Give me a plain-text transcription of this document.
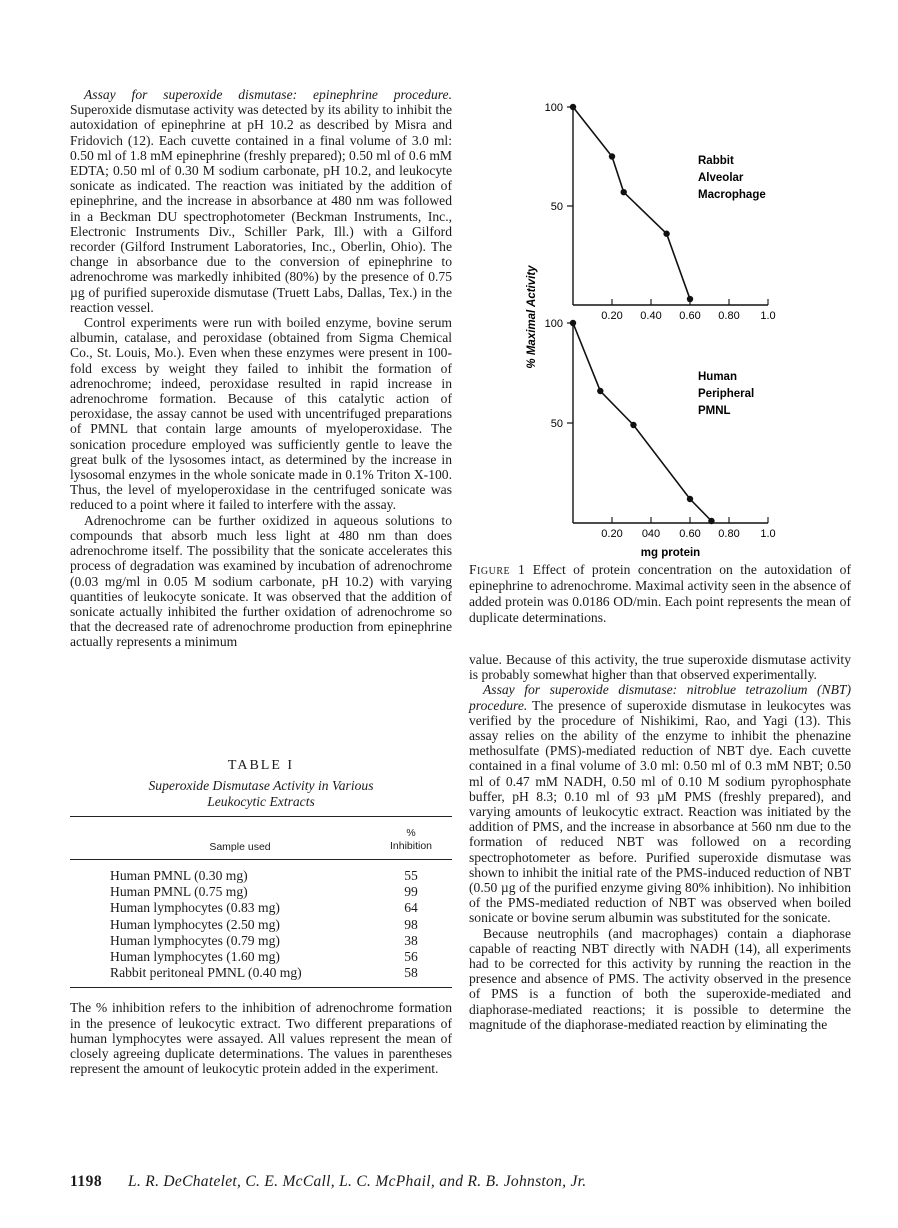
Assay for superoxide dismutase: epinephrine procedure. Superoxide dismutase activity was detected by its ability to inhibit the autoxidation of epinephrine at pH 10.2 as described by Misra and Fridovich (12). Each cuvette contained in a final volume of 3.0 ml: 0.50 ml of 1.8 mM epinephrine (freshly prepared); 0.50 ml of 0.6 mM EDTA; 0.50 ml of 0.30 M sodium carbonate, pH 10.2, and leukocyte sonicate as indicated. The reaction was initiated by the addition of epinephrine, and the increase in absorbance at 480 nm was followed in a Beckman DU spectrophotometer (Beckman Instruments, Inc., Electronic Instruments Div., Schiller Park, Ill.) with a Gilford recorder (Gilford Instrument Laboratories, Inc., Oberlin, Ohio). The change in absorbance due to the conversion of epinephrine to adrenochrome was markedly inhibited (80%) by the presence of 0.75 µg of purified superoxide dismutase (Truett Labs, Dallas, Tex.) in the reaction vessel.

Control experiments were run with boiled enzyme, bovine serum albumin, catalase, and peroxidase (obtained from Sigma Chemical Co., St. Louis, Mo.). Even when these enzymes were present in 100-fold excess by weight they failed to inhibit the formation of adrenochrome; indeed, peroxidase resulted in rapid increase in adrenochrome formation. Because of this catalytic action of peroxidase, the assay cannot be used with uncentrifuged preparations of PMNL that contain large amounts of myeloperoxidase. The sonication procedure employed was sufficiently gentle to leave the great bulk of the lysosomes intact, as determined by the increase in lysosomal enzymes in the whole sonicate made in 0.1% Triton X-100. Thus, the level of myeloperoxidase in the centrifuged sonicate was reduced to a point where it failed to interfere with the assay.

Adrenochrome can be further oxidized in aqueous solutions to compounds that absorb much less light at 480 nm than does adrenochrome itself. The possibility that the sonicate accelerates this process of degradation was examined by incubation of adrenochrome (0.03 mg/ml in 0.05 M sodium carbonate, pH 10.2) with varying quantities of leukocyte sonicate. It was observed that the addition of sonicate actually inhibited the further oxidation of adrenochrome so that the decreased rate of adrenochrome production from epinephrine actually represents a minimum

TABLE I

Superoxide Dismutase Activity in Various
Leukocytic Extracts

Sample used
%
Inhibition
Human PMNL (0.30 mg)	55
Human PMNL (0.75 mg)	99
Human lymphocytes (0.83 mg)	64
Human lymphocytes (2.50 mg)	98
Human lymphocytes (0.79 mg)	38
Human lymphocytes (1.60 mg)	56
Rabbit peritoneal PMNL (0.40 mg)	58

The % inhibition refers to the inhibition of adrenochrome formation in the presence of leukocytic extract. Two different preparations of human lymphocytes were assayed. All values represent the mean of closely agreeing duplicate determinations. The values in parentheses represent the amount of leukocytic protein added in the experiment.

100
50
0.20 0.40 0.60 0.80 1.0
Rabbit
Alveolar
Macrophage
100
50
0.20 040 0.60 0.80 1.0
Human
Peripheral
PMNL
mg protein
% Maximal Activity
Figure 1 Effect of protein concentration on the autoxidation of epinephrine to adrenochrome. Maximal activity seen in the absence of added protein was 0.0186 OD/min. Each point represents the mean of duplicate determinations.

value. Because of this activity, the true superoxide dismutase activity is probably somewhat higher than that observed experimentally.

Assay for superoxide dismutase: nitroblue tetrazolium (NBT) procedure. The presence of superoxide dismutase in leukocytes was verified by the procedure of Nishikimi, Rao, and Yagi (13). This assay relies on the ability of the enzyme to inhibit the phenazine methosulfate (PMS)-mediated reduction of NBT dye. Each cuvette contained in a final volume of 3.0 ml: 0.50 ml of 0.3 mM NBT; 0.50 ml of 0.47 mM NADH, 0.50 ml of 0.10 M sodium pyrophosphate buffer, pH 8.3; 0.10 ml of 93 µM PMS (freshly prepared), and varying amounts of leukocytic extract. Reaction was initiated by the addition of PMS, and the increase in absorbance at 560 nm due to the formation of reduced NBT was followed on a recording spectrophotometer as before. Purified superoxide dismutase was shown to inhibit the initial rate of the PMS-induced reduction of NBT (0.50 µg of the purified enzyme giving 80% inhibition). No inhibition of the PMS-mediated reduction of NBT was observed when boiled sonicate or bovine serum albumin was substituted for the sonicate.

Because neutrophils (and macrophages) contain a diaphorase capable of reacting NBT directly with NADH (14), all experiments had to be corrected for this activity by running the reaction in the presence and absence of PMS. The activity observed in the presence of PMS is a function of both the superoxide-mediated and diaphorase-mediated reactions; it is possible to determine the magnitude of the diaphorase-mediated reaction by eliminating the

1198 L. R. DeChatelet, C. E. McCall, L. C. McPhail, and R. B. Johnston, Jr.
